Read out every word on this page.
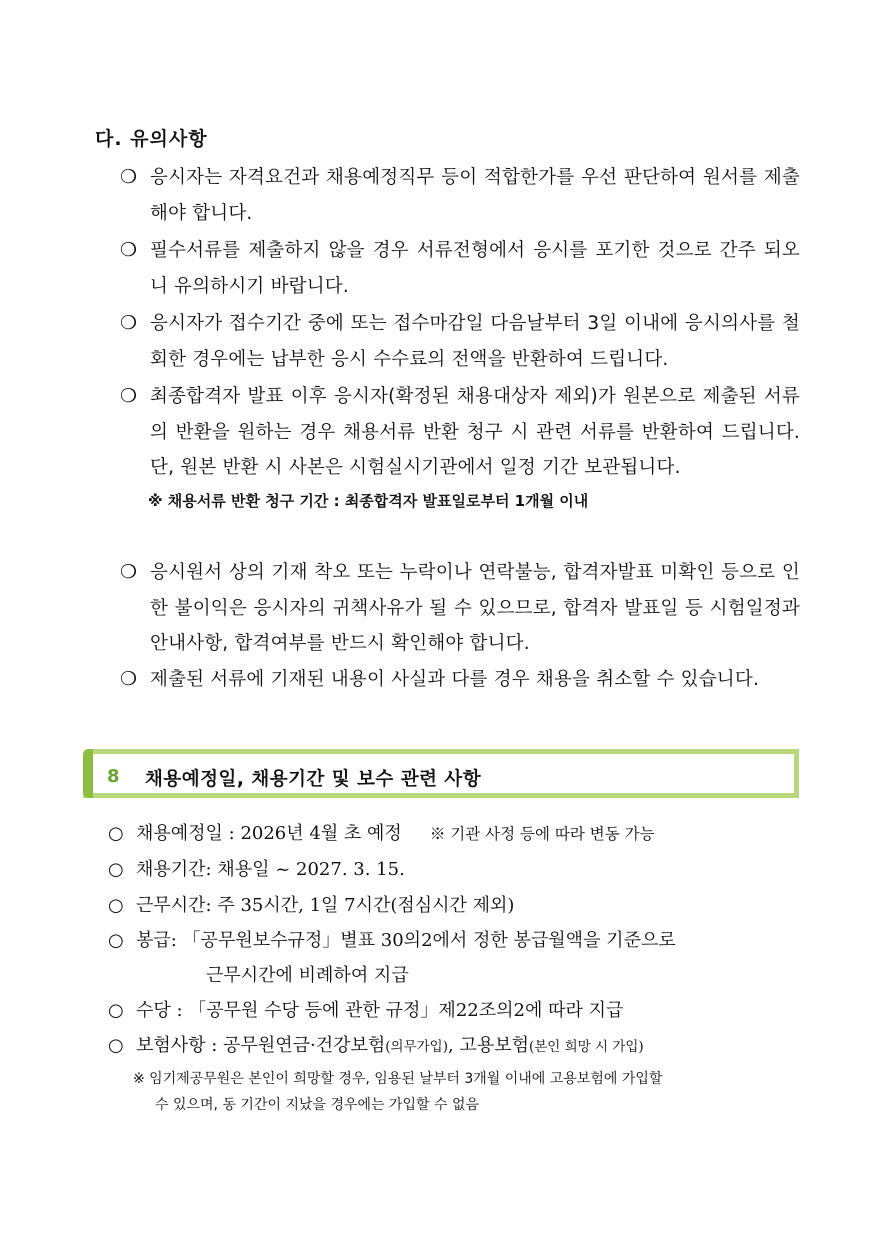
다. 유의사항
❍ 응시자는 자격요건과 채용예정직무 등이 적합한가를 우선 판단하여 원서를 제출해야 합니다.
❍ 필수서류를 제출하지 않을 경우 서류전형에서 응시를 포기한 것으로 간주 되오니 유의하시기 바랍니다.
❍ 응시자가 접수기간 중에 또는 접수마감일 다음날부터 3일 이내에 응시의사를 철회한 경우에는 납부한 응시 수수료의 전액을 반환하여 드립니다.
❍ 최종합격자 발표 이후 응시자(확정된 채용대상자 제외)가 원본으로 제출된 서류의 반환을 원하는 경우 채용서류 반환 청구 시 관련 서류를 반환하여 드립니다. 단, 원본 반환 시 사본은 시험실시기관에서 일정 기간 보관됩니다.
※ 채용서류 반환 청구 기간 : 최종합격자 발표일로부터 1개월 이내
❍ 응시원서 상의 기재 착오 또는 누락이나 연락불능, 합격자발표 미확인 등으로 인한 불이익은 응시자의 귀책사유가 될 수 있으므로, 합격자 발표일 등 시험일정과 안내사항, 합격여부를 반드시 확인해야 합니다.
❍ 제출된 서류에 기재된 내용이 사실과 다를 경우 채용을 취소할 수 있습니다.
8 채용예정일, 채용기간 및 보수 관련 사항
○ 채용예정일 : 2026년 4월 초 예정 ※ 기관 사정 등에 따라 변동 가능
○ 채용기간: 채용일 ~ 2027. 3. 15.
○ 근무시간: 주 35시간, 1일 7시간(점심시간 제외)
○ 봉급: 「공무원보수규정」별표 30의2에서 정한 봉급월액을 기준으로
근무시간에 비례하여 지급
○ 수당 : 「공무원 수당 등에 관한 규정」제22조의2에 따라 지급
○ 보험사항 : 공무원연금·건강보험(의무가입), 고용보험(본인 희망 시 가입)
※ 임기제공무원은 본인이 희망할 경우, 임용된 날부터 3개월 이내에 고용보험에 가입할
수 있으며, 동 기간이 지났을 경우에는 가입할 수 없음
